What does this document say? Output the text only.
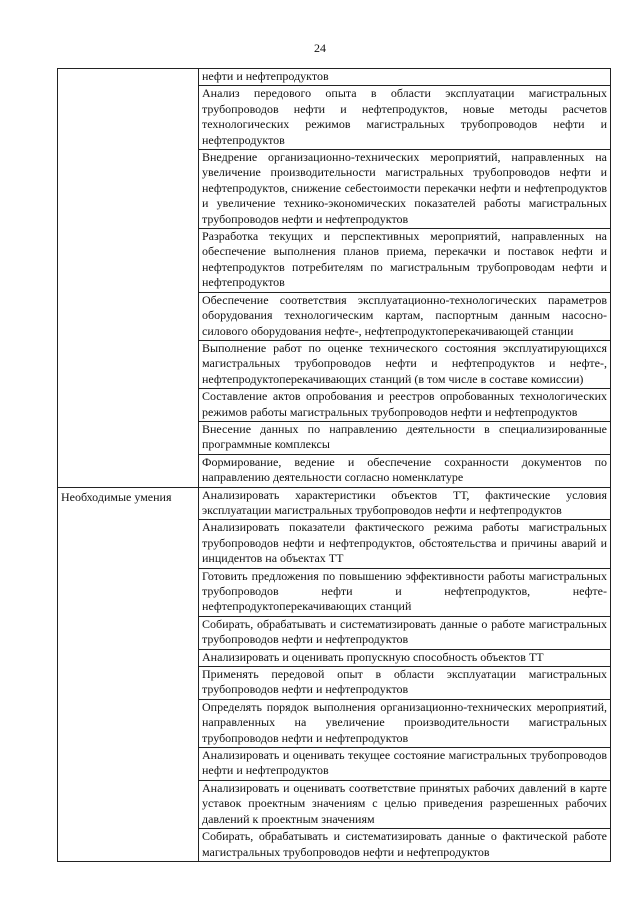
24
	нефти и нефтепродуктов
	Анализ передового опыта в области эксплуатации магистральных трубопроводов нефти и нефтепродуктов, новые методы расчетов технологических режимов магистральных трубопроводов нефти и нефтепродуктов
	Внедрение организационно-технических мероприятий, направленных на увеличение производительности магистральных трубопроводов нефти и нефтепродуктов, снижение себестоимости перекачки нефти и нефтепродуктов и увеличение технико-экономических показателей работы магистральных трубопроводов нефти и нефтепродуктов
	Разработка текущих и перспективных мероприятий, направленных на обеспечение выполнения планов приема, перекачки и поставок нефти и нефтепродуктов потребителям по магистральным трубопроводам нефти и нефтепродуктов
	Обеспечение соответствия эксплуатационно-технологических параметров оборудования технологическим картам, паспортным данным насосно-силового оборудования нефте-, нефтепродуктоперекачивающей станции
	Выполнение работ по оценке технического состояния эксплуатирующихся магистральных трубопроводов нефти и нефтепродуктов и нефте-, нефтепродуктоперекачивающих станций (в том числе в составе комиссии)
	Составление актов опробования и реестров опробованных технологических режимов работы магистральных трубопроводов нефти и нефтепродуктов
	Внесение данных по направлению деятельности в специализированные программные комплексы
	Формирование, ведение и обеспечение сохранности документов по направлению деятельности согласно номенклатуре

Необходимые умения	Анализировать характеристики объектов ТТ, фактические условия эксплуатации магистральных трубопроводов нефти и нефтепродуктов
	Анализировать показатели фактического режима работы магистральных трубопроводов нефти и нефтепродуктов, обстоятельства и причины аварий и инцидентов на объектах ТТ
	Готовить предложения по повышению эффективности работы магистральных трубопроводов нефти и нефтепродуктов, нефте-нефтепродуктоперекачивающих станций
	Собирать, обрабатывать и систематизировать данные о работе магистральных трубопроводов нефти и нефтепродуктов
	Анализировать и оценивать пропускную способность объектов ТТ
	Применять передовой опыт в области эксплуатации магистральных трубопроводов нефти и нефтепродуктов
	Определять порядок выполнения организационно-технических мероприятий, направленных на увеличение производительности магистральных трубопроводов нефти и нефтепродуктов
	Анализировать и оценивать текущее состояние магистральных трубопроводов нефти и нефтепродуктов
	Анализировать и оценивать соответствие принятых рабочих давлений в карте уставок проектным значениям с целью приведения разрешенных рабочих давлений к проектным значениям
	Собирать, обрабатывать и систематизировать данные о фактической работе магистральных трубопроводов нефти и нефтепродуктов
